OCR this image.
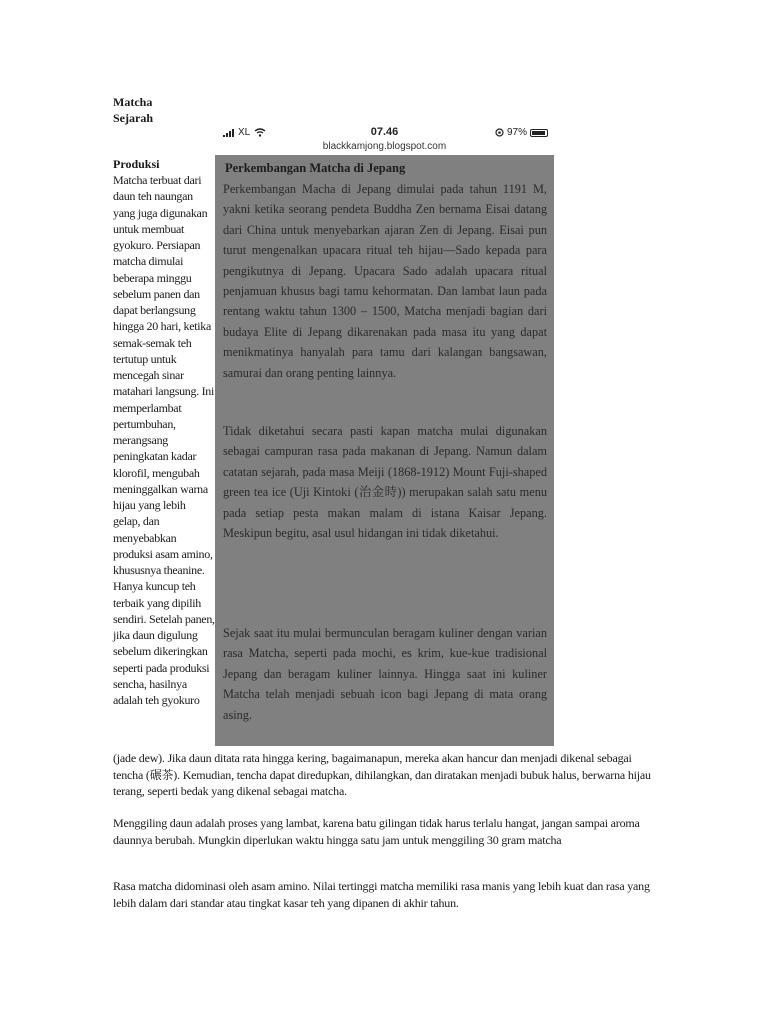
Matcha
Sejarah
Produksi
Matcha terbuat dari daun teh naungan yang juga digunakan untuk membuat gyokuro. Persiapan matcha dimulai beberapa minggu sebelum panen dan dapat berlangsung hingga 20 hari, ketika semak-semak teh tertutup untuk mencegah sinar matahari langsung. Ini memperlambat pertumbuhan, merangsang peningkatan kadar klorofil, mengubah meninggalkan warna hijau yang lebih gelap, dan menyebabkan produksi asam amino, khususnya theanine. Hanya kuncup teh terbaik yang dipilih sendiri. Setelah panen, jika daun digulung sebelum dikeringkan seperti pada produksi sencha, hasilnya adalah teh gyokuro
XL	07.46	97%
blackkamjong.blogspot.com
Perkembangan Matcha di Jepang
Perkembangan Macha di Jepang dimulai pada tahun 1191 M, yakni ketika seorang pendeta Buddha Zen bernama Eisai datang dari China untuk menyebarkan ajaran Zen di Jepang. Eisai pun turut mengenalkan upacara ritual teh hijau—Sado kepada para pengikutnya di Jepang. Upacara Sado adalah upacara ritual penjamuan khusus bagi tamu kehormatan. Dan lambat laun pada rentang waktu tahun 1300 – 1500, Matcha menjadi bagian dari budaya Elite di Jepang dikarenakan pada masa itu yang dapat menikmatinya hanyalah para tamu dari kalangan bangsawan, samurai dan orang penting lainnya.
Tidak diketahui secara pasti kapan matcha mulai digunakan sebagai campuran rasa pada makanan di Jepang. Namun dalam catatan sejarah, pada masa Meiji (1868-1912) Mount Fuji-shaped green tea ice (Uji Kintoki (治金時)) merupakan salah satu menu pada setiap pesta makan malam di istana Kaisar Jepang. Meskipun begitu, asal usul hidangan ini tidak diketahui.
Sejak saat itu mulai bermunculan beragam kuliner dengan varian rasa Matcha, seperti pada mochi, es krim, kue-kue tradisional Jepang dan beragam kuliner lainnya. Hingga saat ini kuliner Matcha telah menjadi sebuah icon bagi Jepang di mata orang asing.
(jade dew). Jika daun ditata rata hingga kering, bagaimanapun, mereka akan hancur dan menjadi dikenal sebagai tencha (碾茶). Kemudian, tencha dapat diredupkan, dihilangkan, dan diratakan menjadi bubuk halus, berwarna hijau terang, seperti bedak yang dikenal sebagai matcha.
Menggiling daun adalah proses yang lambat, karena batu gilingan tidak harus terlalu hangat, jangan sampai aroma daunnya berubah. Mungkin diperlukan waktu hingga satu jam untuk menggiling 30 gram matcha
Rasa matcha didominasi oleh asam amino. Nilai tertinggi matcha memiliki rasa manis yang lebih kuat dan rasa yang lebih dalam dari standar atau tingkat kasar teh yang dipanen di akhir tahun.
